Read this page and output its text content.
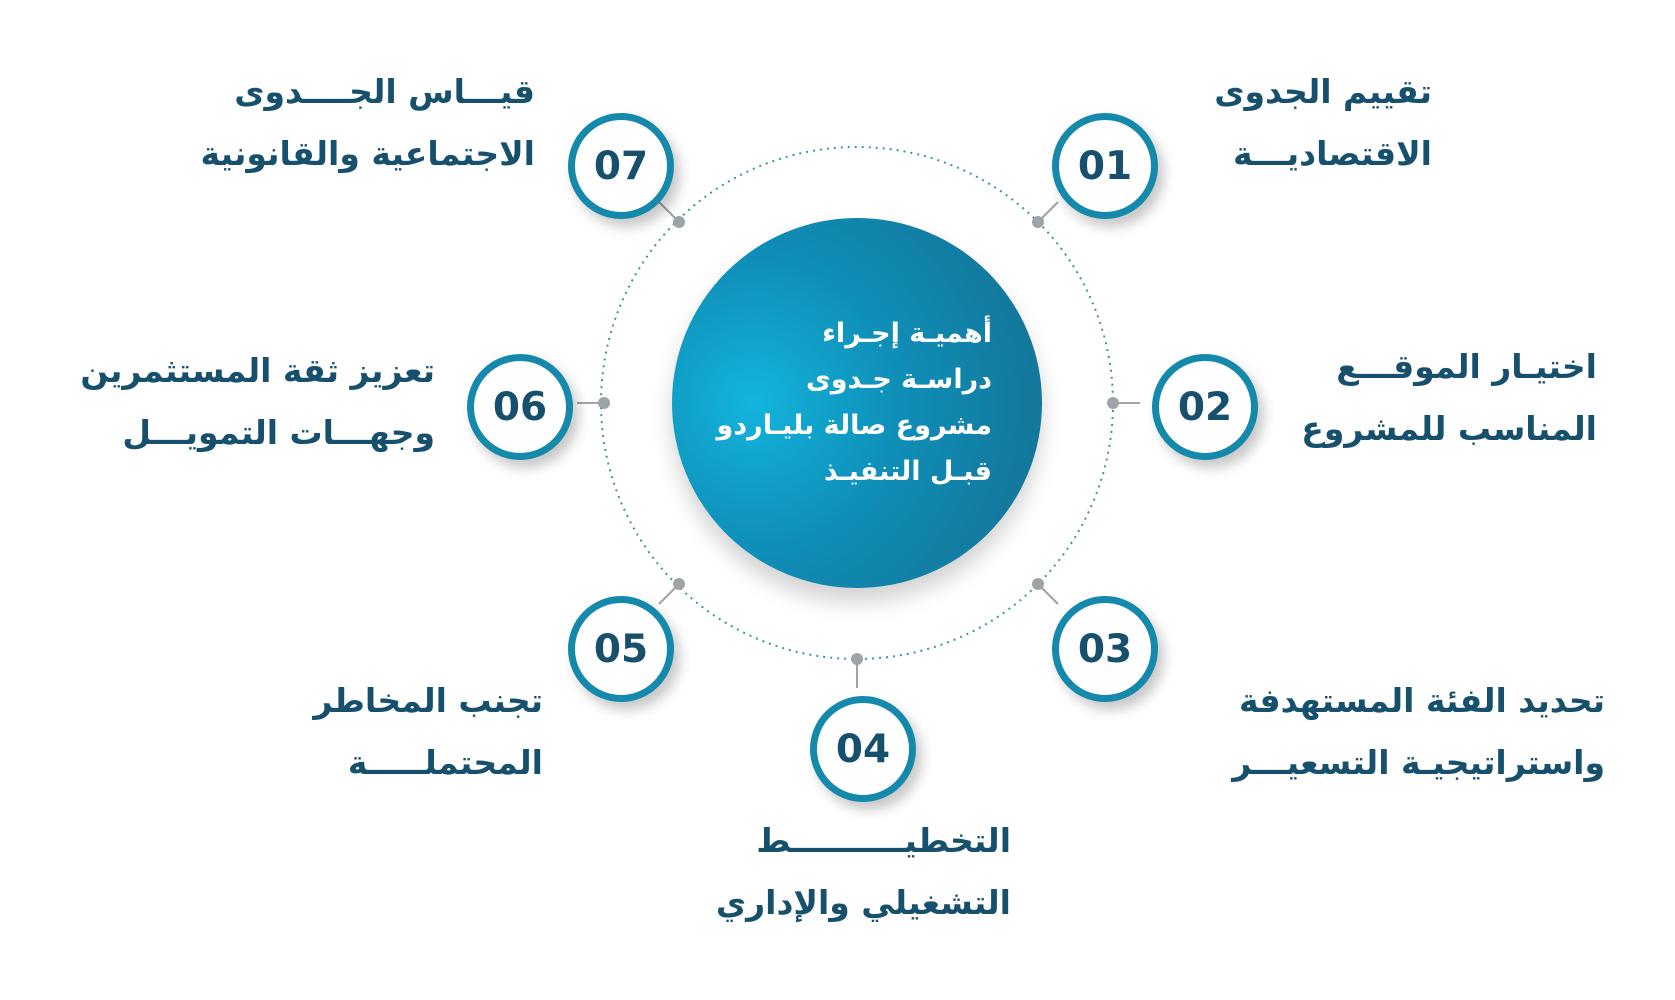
أهميـة إجـراء
دراسـة جـدوى
مشروع صالة بليـاردو
قبـل التنفيـذ
01
02
03
04
05
06
07
تقييم الجدوى
الاقتصاديـــة
اختيـار الموقـــع
المناسب للمشروع
تحديد الفئة المستهدفة
واستراتيجيـة التسعيـــر
التخطيــــــــــط
التشغيلي والإداري
تجنب المخاطر
المحتملـــــة
تعزيز ثقة المستثمرين
وجهـــات التمويـــل
قيـــاس الجــــدوى
الاجتماعية والقانونية
